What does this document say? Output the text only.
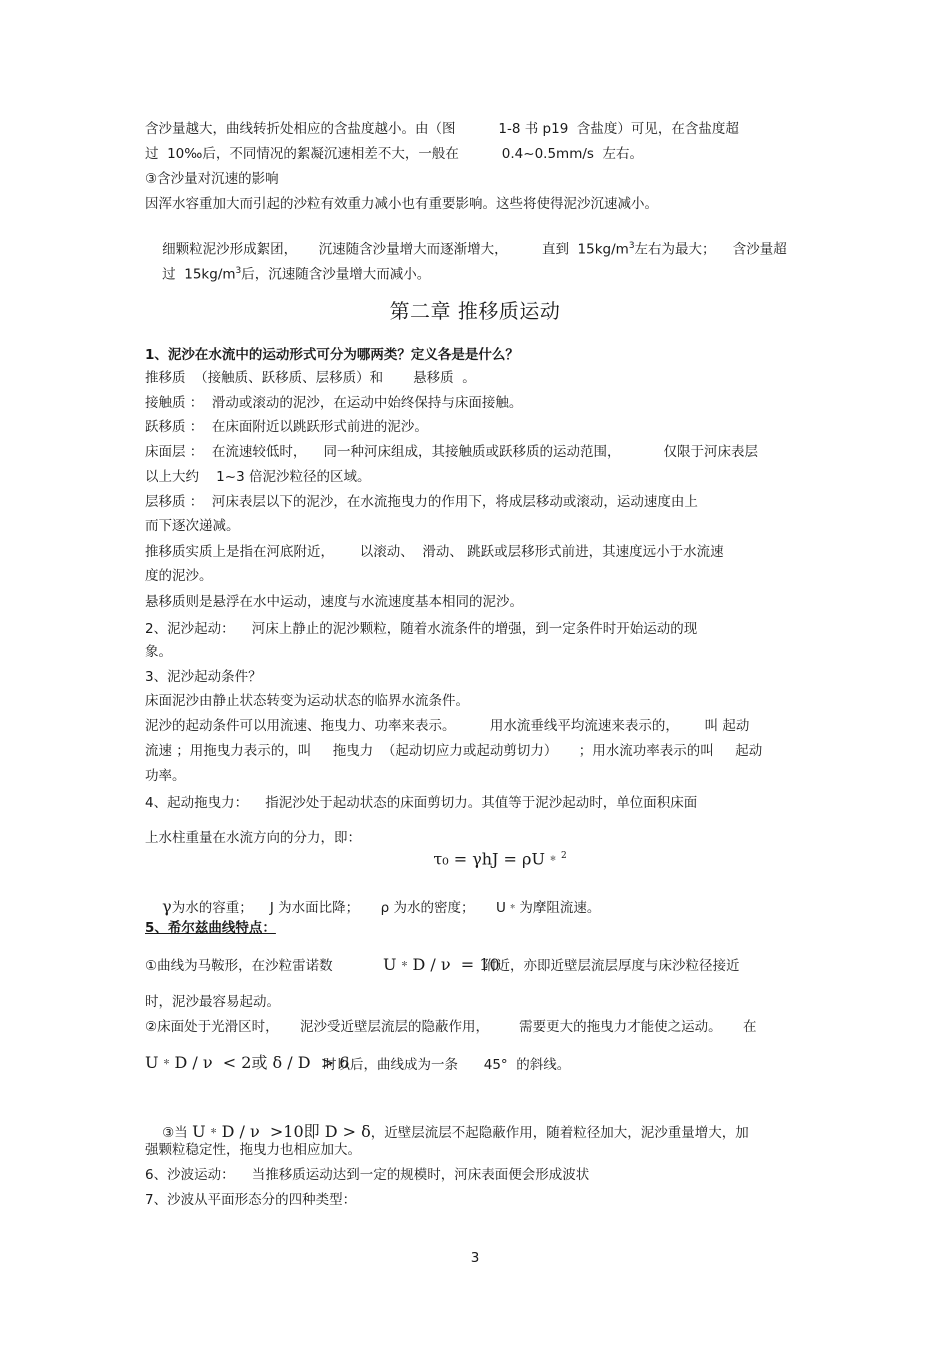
含沙量越大，曲线转折处相应的含盐度越小。由（图          1-8 书 p19  含盐度）可见，在含盐度超
过  10‰后，不同情况的絮凝沉速相差不大，一般在          0.4~0.5mm/s  左右。
③含沙量对沉速的影响
因浑水容重加大而引起的沙粒有效重力减小也有重要影响。这些将使得泥沙沉速减小。

细颗粒泥沙形成絮团，     沉速随含沙量增大而逐渐增大，        直到  $15kg/m^3$左右为最大；    含沙量超

过  $15kg/m^3$后，沉速随含沙量增大而减小。

第二章 推移质运动
1、泥沙在水流中的运动形式可分为哪两类？定义各是是什么？
推移质  （接触质、跃移质、层移质）和       悬移质  。
接触质 ：  滑动或滚动的泥沙，在运动中始终保持与床面接触。
跃移质 ：  在床面附近以跳跃形式前进的泥沙。
床面层 ：  在流速较低时，    同一种河床组成，其接触质或跃移质的运动范围，          仅限于河床表层
以上大约    1~3 倍泥沙粒径的区域。
层移质 ：  河床表层以下的泥沙，在水流拖曳力的作用下，将成层移动或滚动，运动速度由上
而下逐次递减。
推移质实质上是指在河底附近，      以滚动、  滑动、 跳跃或层移形式前进，其速度远小于水流速
度的泥沙。
悬移质则是悬浮在水中运动，速度与水流速度基本相同的泥沙。
2、泥沙起动：    河床上静止的泥沙颗粒，随着水流条件的增强，到一定条件时开始运动的现
象。
3、泥沙起动条件？
床面泥沙由静止状态转变为运动状态的临界水流条件。
泥沙的起动条件可以用流速、拖曳力、功率来表示。        用水流垂线平均流速来表示的，      叫 起动
流速 ；用拖曳力表示的，叫     拖曳力  （起动切应力或起动剪切力）     ；用水流功率表示的叫     起动
功率。
4、起动拖曳力：    指泥沙处于起动状态的床面剪切力。其值等于泥沙起动时，单位面积床面
上水柱重量在水流方向的分力，即：

τ₀ = γhJ = ρU﹡$^2$

γ为水的容重；    J 为水面比降；     ρ 为水的密度；     U﹡为摩阻流速。

5、希尔兹曲线特点：
①曲线为马鞍形，在沙粒雷诺数	U﹡D / ν  = 10
附近，亦即近壁层流层厚度与床沙粒径接近
时，泥沙最容易起动。
②床面处于光滑区时，     泥沙受近壁层流层的隐蔽作用，       需要更大的拖曳力才能使之运动。     在
U﹡D / ν  < 2或 δ / D  > 6
时以后，曲线成为一条      45°  的斜线。

③当 U﹡D / ν  >10即 D > δ，近壁层流层不起隐蔽作用，随着粒径加大，泥沙重量增大，加

强颗粒稳定性，拖曳力也相应加大。
6、沙波运动：    当推移质运动达到一定的规模时，河床表面便会形成波状
7、沙波从平面形态分的四种类型：
3
